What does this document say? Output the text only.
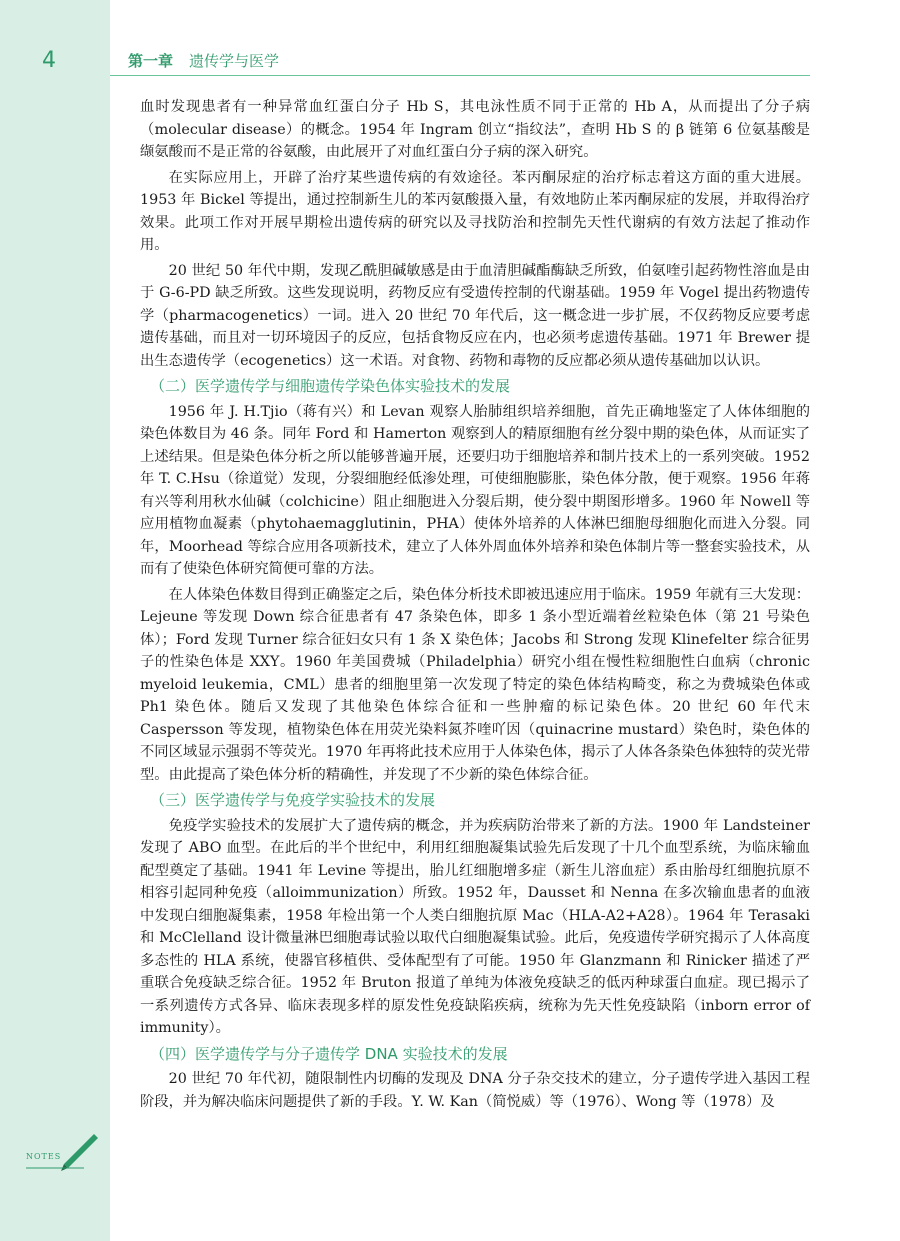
4	第一章 遗传学与医学

血时发现患者有一种异常血红蛋白分子 Hb S，其电泳性质不同于正常的 Hb A，从而提出了分子病（molecular disease）的概念。1954 年 Ingram 创立“指纹法”，查明 Hb S 的 β 链第 6 位氨基酸是缬氨酸而不是正常的谷氨酸，由此展开了对血红蛋白分子病的深入研究。

在实际应用上，开辟了治疗某些遗传病的有效途径。苯丙酮尿症的治疗标志着这方面的重大进展。1953 年 Bickel 等提出，通过控制新生儿的苯丙氨酸摄入量，有效地防止苯丙酮尿症的发展，并取得治疗效果。此项工作对开展早期检出遗传病的研究以及寻找防治和控制先天性代谢病的有效方法起了推动作用。

20 世纪 50 年代中期，发现乙酰胆碱敏感是由于血清胆碱酯酶缺乏所致，伯氨喹引起药物性溶血是由于 G-6-PD 缺乏所致。这些发现说明，药物反应有受遗传控制的代谢基础。1959 年 Vogel 提出药物遗传学（pharmacogenetics）一词。进入 20 世纪 70 年代后，这一概念进一步扩展，不仅药物反应要考虑遗传基础，而且对一切环境因子的反应，包括食物反应在内，也必须考虑遗传基础。1971 年 Brewer 提出生态遗传学（ecogenetics）这一术语。对食物、药物和毒物的反应都必须从遗传基础加以认识。

（二）医学遗传学与细胞遗传学染色体实验技术的发展

1956 年 J. H.Tjio（蒋有兴）和 Levan 观察人胎肺组织培养细胞，首先正确地鉴定了人体体细胞的染色体数目为 46 条。同年 Ford 和 Hamerton 观察到人的精原细胞有丝分裂中期的染色体，从而证实了上述结果。但是染色体分析之所以能够普遍开展，还要归功于细胞培养和制片技术上的一系列突破。1952 年 T. C.Hsu（徐道觉）发现，分裂细胞经低渗处理，可使细胞膨胀，染色体分散，便于观察。1956 年蒋有兴等利用秋水仙碱（colchicine）阻止细胞进入分裂后期，使分裂中期图形增多。1960 年 Nowell 等应用植物血凝素（phytohaemagglutinin，PHA）使体外培养的人体淋巴细胞母细胞化而进入分裂。同年，Moorhead 等综合应用各项新技术，建立了人体外周血体外培养和染色体制片等一整套实验技术，从而有了使染色体研究简便可靠的方法。

在人体染色体数目得到正确鉴定之后，染色体分析技术即被迅速应用于临床。1959 年就有三大发现：Lejeune 等发现 Down 综合征患者有 47 条染色体，即多 1 条小型近端着丝粒染色体（第 21 号染色体）；Ford 发现 Turner 综合征妇女只有 1 条 X 染色体；Jacobs 和 Strong 发现 Klinefelter 综合征男子的性染色体是 XXY。1960 年美国费城（Philadelphia）研究小组在慢性粒细胞性白血病（chronic myeloid leukemia，CML）患者的细胞里第一次发现了特定的染色体结构畸变，称之为费城染色体或 Ph1 染色体。随后又发现了其他染色体综合征和一些肿瘤的标记染色体。20 世纪 60 年代末 Caspersson 等发现，植物染色体在用荧光染料氮芥喹吖因（quinacrine mustard）染色时，染色体的不同区域显示强弱不等荧光。1970 年再将此技术应用于人体染色体，揭示了人体各条染色体独特的荧光带型。由此提高了染色体分析的精确性，并发现了不少新的染色体综合征。

（三）医学遗传学与免疫学实验技术的发展

免疫学实验技术的发展扩大了遗传病的概念，并为疾病防治带来了新的方法。1900 年 Landsteiner 发现了 ABO 血型。在此后的半个世纪中，利用红细胞凝集试验先后发现了十几个血型系统，为临床输血配型奠定了基础。1941 年 Levine 等提出，胎儿红细胞增多症（新生儿溶血症）系由胎母红细胞抗原不相容引起同种免疫（alloimmunization）所致。1952 年，Dausset 和 Nenna 在多次输血患者的血液中发现白细胞凝集素，1958 年检出第一个人类白细胞抗原 Mac（HLA-A2+A28）。1964 年 Terasaki 和 McClelland 设计微量淋巴细胞毒试验以取代白细胞凝集试验。此后，免疫遗传学研究揭示了人体高度多态性的 HLA 系统，使器官移植供、受体配型有了可能。1950 年 Glanzmann 和 Rinicker 描述了严重联合免疫缺乏综合征。1952 年 Bruton 报道了单纯为体液免疫缺乏的低丙种球蛋白血症。现已揭示了一系列遗传方式各异、临床表现多样的原发性免疫缺陷疾病，统称为先天性免疫缺陷（inborn error of immunity）。

（四）医学遗传学与分子遗传学 DNA 实验技术的发展

20 世纪 70 年代初，随限制性内切酶的发现及 DNA 分子杂交技术的建立，分子遗传学进入基因工程阶段，并为解决临床问题提供了新的手段。Y. W. Kan（简悦威）等（1976）、Wong 等（1978）及

NOTES
